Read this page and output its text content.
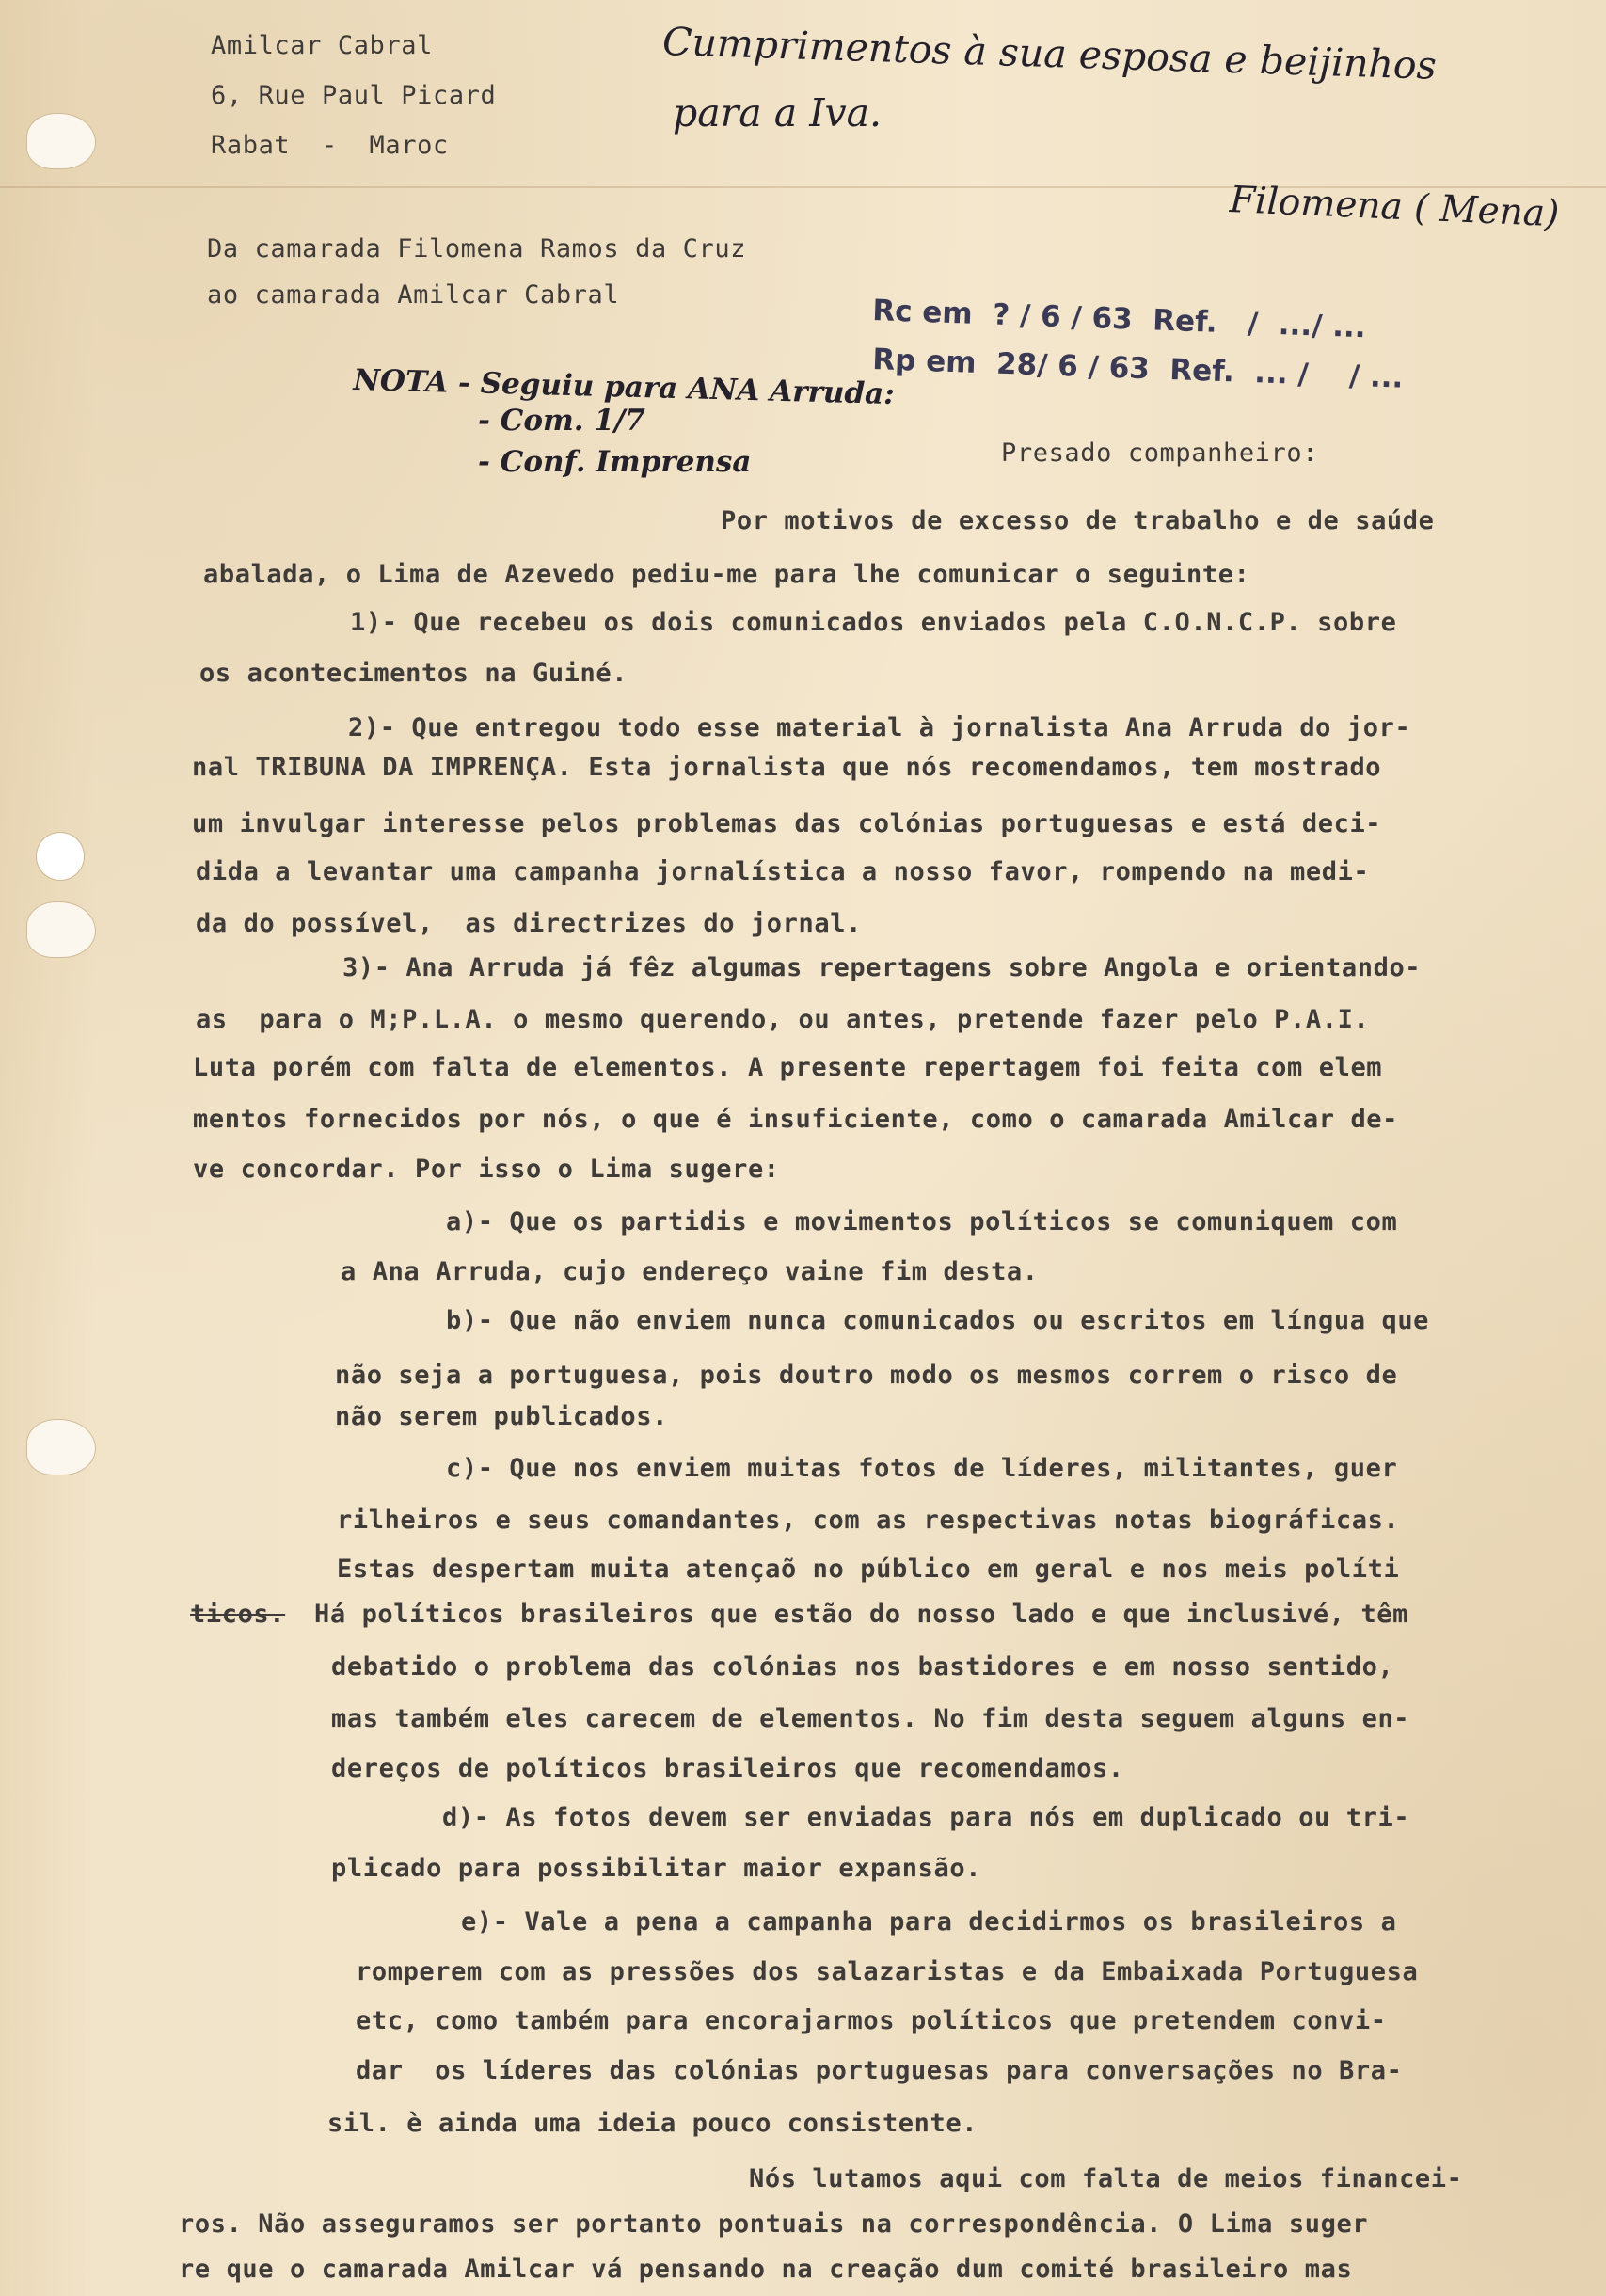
Amilcar Cabral
6, Rue Paul Picard
Rabat  -  Maroc
Cumprimentos à sua esposa e beijinhos
para a Iva.
Filomena ( Mena)
Da camarada Filomena Ramos da Cruz
ao camarada Amilcar Cabral	Rc em  ? / 6 / 63  Ref.   /  .../ ...
Rp em  28/ 6 / 63  Ref.  ... /    / ...
NOTA - Seguiu para ANA Arruda:
- Com. 1/7
- Conf. Imprensa	Presado companheiro:
Por motivos de excesso de trabalho e de saúde
abalada, o Lima de Azevedo pediu-me para lhe comunicar o seguinte:
1)- Que recebeu os dois comunicados enviados pela C.O.N.C.P. sobre
os acontecimentos na Guiné.
2)- Que entregou todo esse material à jornalista Ana Arruda do jor-
nal TRIBUNA DA IMPRENÇA. Esta jornalista que nós recomendamos, tem mostrado
um invulgar interesse pelos problemas das colónias portuguesas e está deci-
dida a levantar uma campanha jornalística a nosso favor, rompendo na medi-
da do possível,  as directrizes do jornal.
3)- Ana Arruda já fêz algumas repertagens sobre Angola e orientando-
as  para o M;P.L.A. o mesmo querendo, ou antes, pretende fazer pelo P.A.I.
Luta porém com falta de elementos. A presente repertagem foi feita com elem
mentos fornecidos por nós, o que é insuficiente, como o camarada Amilcar de-
ve concordar. Por isso o Lima sugere:
a)- Que os partidis e movimentos políticos se comuniquem com
a Ana Arruda, cujo endereço vaine fim desta.
b)- Que não enviem nunca comunicados ou escritos em língua que
não seja a portuguesa, pois doutro modo os mesmos correm o risco de
não serem publicados.
c)- Que nos enviem muitas fotos de líderes, militantes, guer
rilheiros e seus comandantes, com as respectivas notas biográficas.
Estas despertam muita atençaõ no público em geral e nos meis políti
ticos. Há políticos brasileiros que estão do nosso lado e que inclusivé, têm
debatido o problema das colónias nos bastidores e em nosso sentido,
mas também eles carecem de elementos. No fim desta seguem alguns en-
dereços de políticos brasileiros que recomendamos.
d)- As fotos devem ser enviadas para nós em duplicado ou tri-
plicado para possibilitar maior expansão.
e)- Vale a pena a campanha para decidirmos os brasileiros a
romperem com as pressões dos salazaristas e da Embaixada Portuguesa
etc, como também para encorajarmos políticos que pretendem convi-
dar  os líderes das colónias portuguesas para conversações no Bra-
sil. è ainda uma ideia pouco consistente.
Nós lutamos aqui com falta de meios financei-
ros. Não asseguramos ser portanto pontuais na correspondência. O Lima suger
re que o camarada Amilcar vá pensando na creação dum comité brasileiro mas
